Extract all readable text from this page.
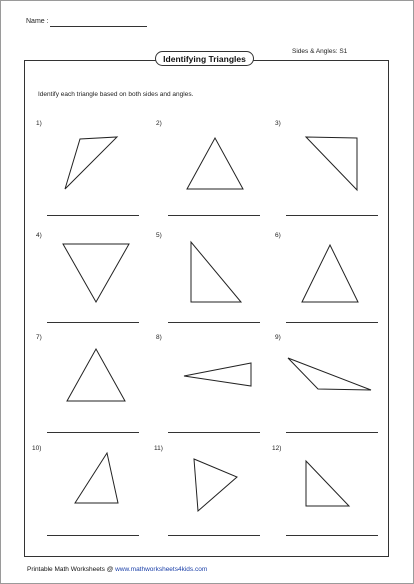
Name :
Identifying Triangles
Sides & Angles: S1
Identify each triangle based on both sides and angles.
1)	2)	3)
4)	5)	6)
7)	8)	9)
10)	11)	12)
Printable Math Worksheets @ www.mathworksheets4kids.com
